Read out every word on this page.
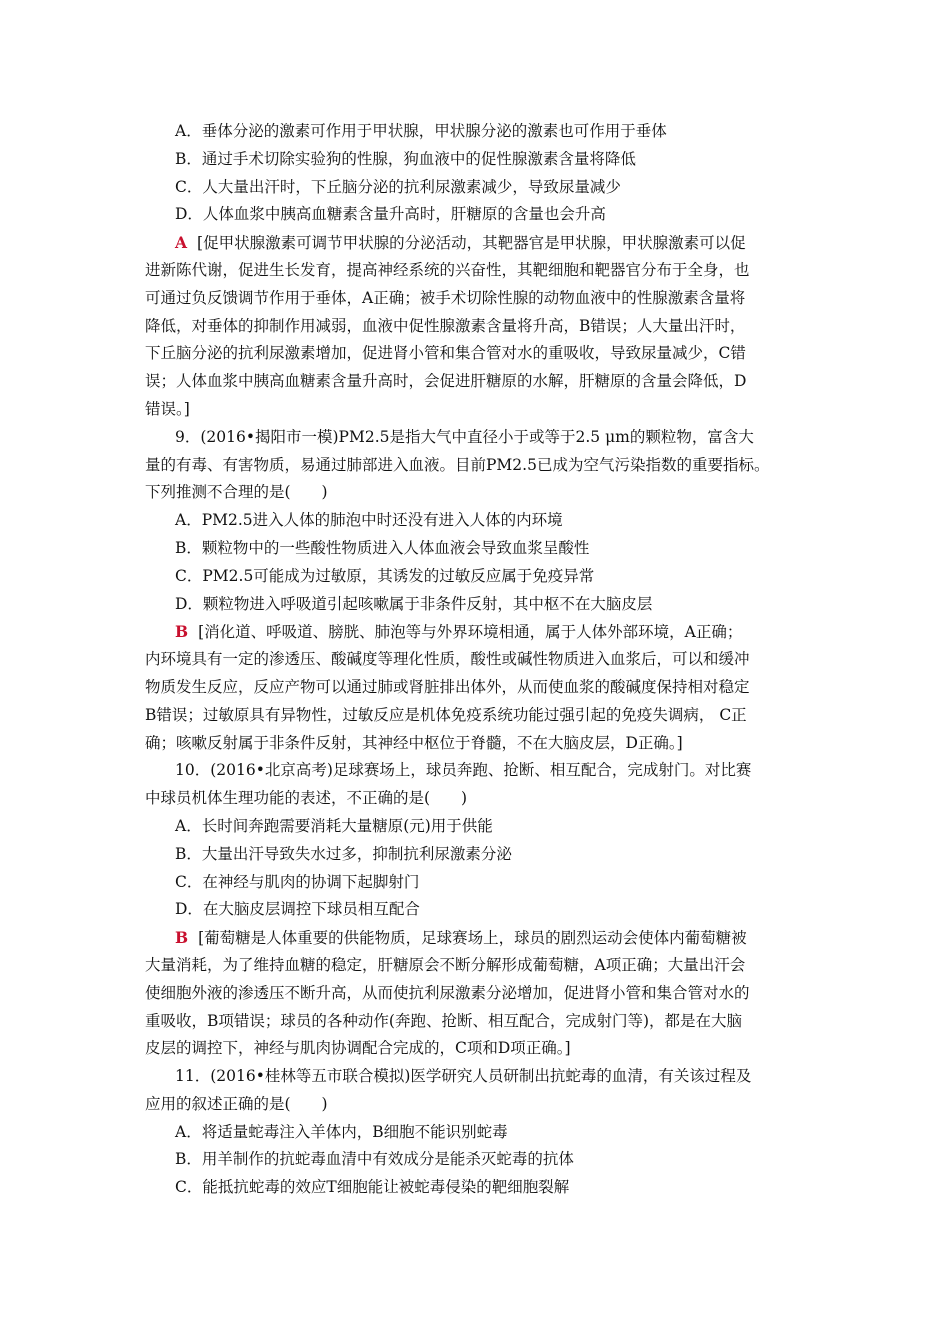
A．垂体分泌的激素可作用于甲状腺，甲状腺分泌的激素也可作用于垂体
B．通过手术切除实验狗的性腺，狗血液中的促性腺激素含量将降低
C．人大量出汗时，下丘脑分泌的抗利尿激素减少，导致尿量减少
D．人体血浆中胰高血糖素含量升高时，肝糖原的含量也会升高
A [促甲状腺激素可调节甲状腺的分泌活动，其靶器官是甲状腺，甲状腺激素可以促
进新陈代谢，促进生长发育，提高神经系统的兴奋性，其靶细胞和靶器官分布于全身，也
可通过负反馈调节作用于垂体，A正确；被手术切除性腺的动物血液中的性腺激素含量将
降低，对垂体的抑制作用减弱，血液中促性腺激素含量将升高，B错误；人大量出汗时，
下丘脑分泌的抗利尿激素增加，促进肾小管和集合管对水的重吸收，导致尿量减少，C错
误；人体血浆中胰高血糖素含量升高时，会促进肝糖原的水解，肝糖原的含量会降低，D
错误。]
9．(2016•揭阳市一模)PM2.5是指大气中直径小于或等于2.5 μm的颗粒物，富含大
量的有毒、有害物质，易通过肺部进入血液。目前PM2.5已成为空气污染指数的重要指标。
下列推测不合理的是(　　)
A．PM2.5进入人体的肺泡中时还没有进入人体的内环境
B．颗粒物中的一些酸性物质进入人体血液会导致血浆呈酸性
C．PM2.5可能成为过敏原，其诱发的过敏反应属于免疫异常
D．颗粒物进入呼吸道引起咳嗽属于非条件反射，其中枢不在大脑皮层
B [消化道、呼吸道、膀胱、肺泡等与外界环境相通，属于人体外部环境，A正确；
内环境具有一定的渗透压、酸碱度等理化性质，酸性或碱性物质进入血浆后，可以和缓冲
物质发生反应，反应产物可以通过肺或肾脏排出体外，从而使血浆的酸碱度保持相对稳定
B错误；过敏原具有异物性，过敏反应是机体免疫系统功能过强引起的免疫失调病， C正
确；咳嗽反射属于非条件反射，其神经中枢位于脊髓，不在大脑皮层，D正确。]
10．(2016•北京高考)足球赛场上，球员奔跑、抢断、相互配合，完成射门。对比赛
中球员机体生理功能的表述，不正确的是(　　)
A．长时间奔跑需要消耗大量糖原(元)用于供能
B．大量出汗导致失水过多，抑制抗利尿激素分泌
C．在神经与肌肉的协调下起脚射门
D．在大脑皮层调控下球员相互配合
B [葡萄糖是人体重要的供能物质，足球赛场上，球员的剧烈运动会使体内葡萄糖被
大量消耗，为了维持血糖的稳定，肝糖原会不断分解形成葡萄糖，A项正确；大量出汗会
使细胞外液的渗透压不断升高，从而使抗利尿激素分泌增加，促进肾小管和集合管对水的
重吸收，B项错误；球员的各种动作(奔跑、抢断、相互配合，完成射门等)，都是在大脑
皮层的调控下，神经与肌肉协调配合完成的，C项和D项正确。]
11．(2016•桂林等五市联合模拟)医学研究人员研制出抗蛇毒的血清，有关该过程及
应用的叙述正确的是(　　)
A．将适量蛇毒注入羊体内，B细胞不能识别蛇毒
B．用羊制作的抗蛇毒血清中有效成分是能杀灭蛇毒的抗体
C．能抵抗蛇毒的效应T细胞能让被蛇毒侵染的靶细胞裂解
